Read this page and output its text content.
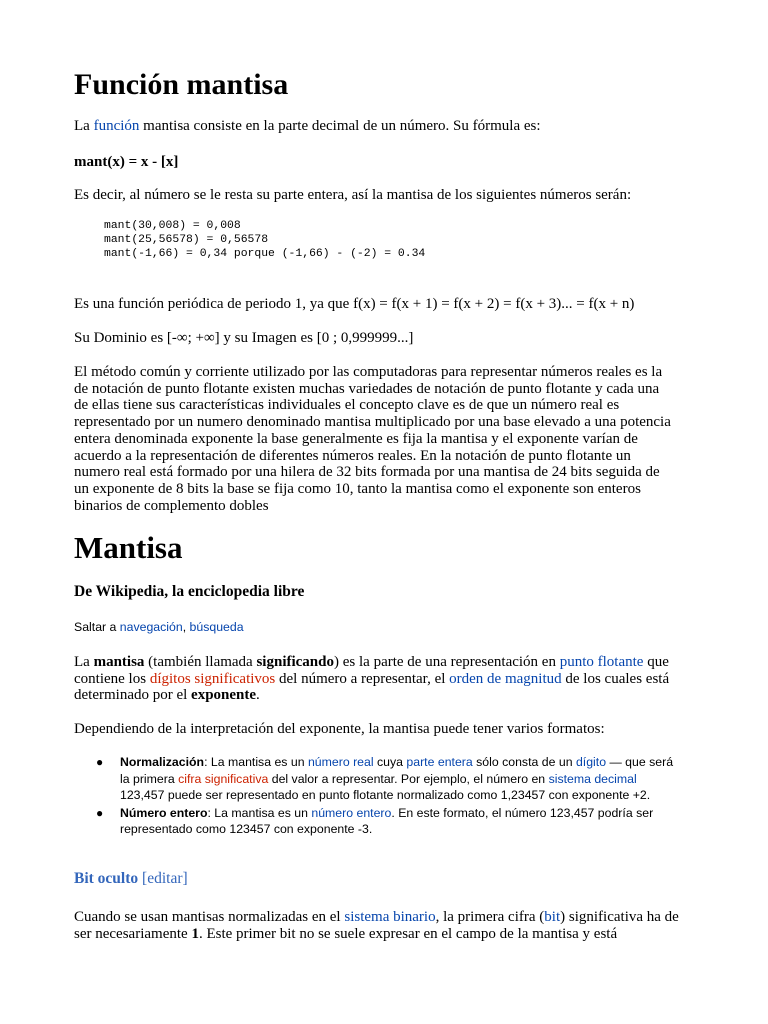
Función mantisa

La función mantisa consiste en la parte decimal de un número. Su fórmula es:

mant(x) = x - [x]

Es decir, al número se le resta su parte entera, así la mantisa de los siguientes números serán:

mant(30,008) = 0,008
mant(25,56578) = 0,56578
mant(-1,66) = 0,34 porque (-1,66) - (-2) = 0.34

Es una función periódica de periodo 1, ya que f(x) = f(x + 1) = f(x + 2) = f(x + 3)... = f(x + n)

Su Dominio es [-∞; +∞] y su Imagen es [0 ; 0,999999...]

El método común y corriente utilizado por las computadoras para representar números reales es la
de notación de punto flotante existen muchas variedades de notación de punto flotante y cada una
de ellas tiene sus características individuales el concepto clave es de que un número real es
representado por un numero denominado mantisa multiplicado por una base elevado a una potencia
entera denominada exponente la base generalmente es fija la mantisa y el exponente varían de
acuerdo a la representación de diferentes números reales. En la notación de punto flotante un
numero real está formado por una hilera de 32 bits formada por una mantisa de 24 bits seguida de
un exponente de 8 bits la base se fija como 10, tanto la mantisa como el exponente son enteros
binarios de complemento dobles
Mantisa

De Wikipedia, la enciclopedia libre

Saltar a navegación, búsqueda

La mantisa (también llamada significando) es la parte de una representación en punto flotante que contiene los dígitos significativos del número a representar, el orden de magnitud de los cuales está determinado por el exponente.

Dependiendo de la interpretación del exponente, la mantisa puede tener varios formatos:

● Normalización: La mantisa es un número real cuya parte entera sólo consta de un dígito — que será la primera cifra significativa del valor a representar. Por ejemplo, el número en sistema decimal 123,457 puede ser representado en punto flotante normalizado como 1,23457 con exponente +2.
● Número entero: La mantisa es un número entero. En este formato, el número 123,457 podría ser representado como 123457 con exponente -3.

Bit oculto [editar]

Cuando se usan mantisas normalizadas en el sistema binario, la primera cifra (bit) significativa ha de ser necesariamente 1. Este primer bit no se suele expresar en el campo de la mantisa y está
